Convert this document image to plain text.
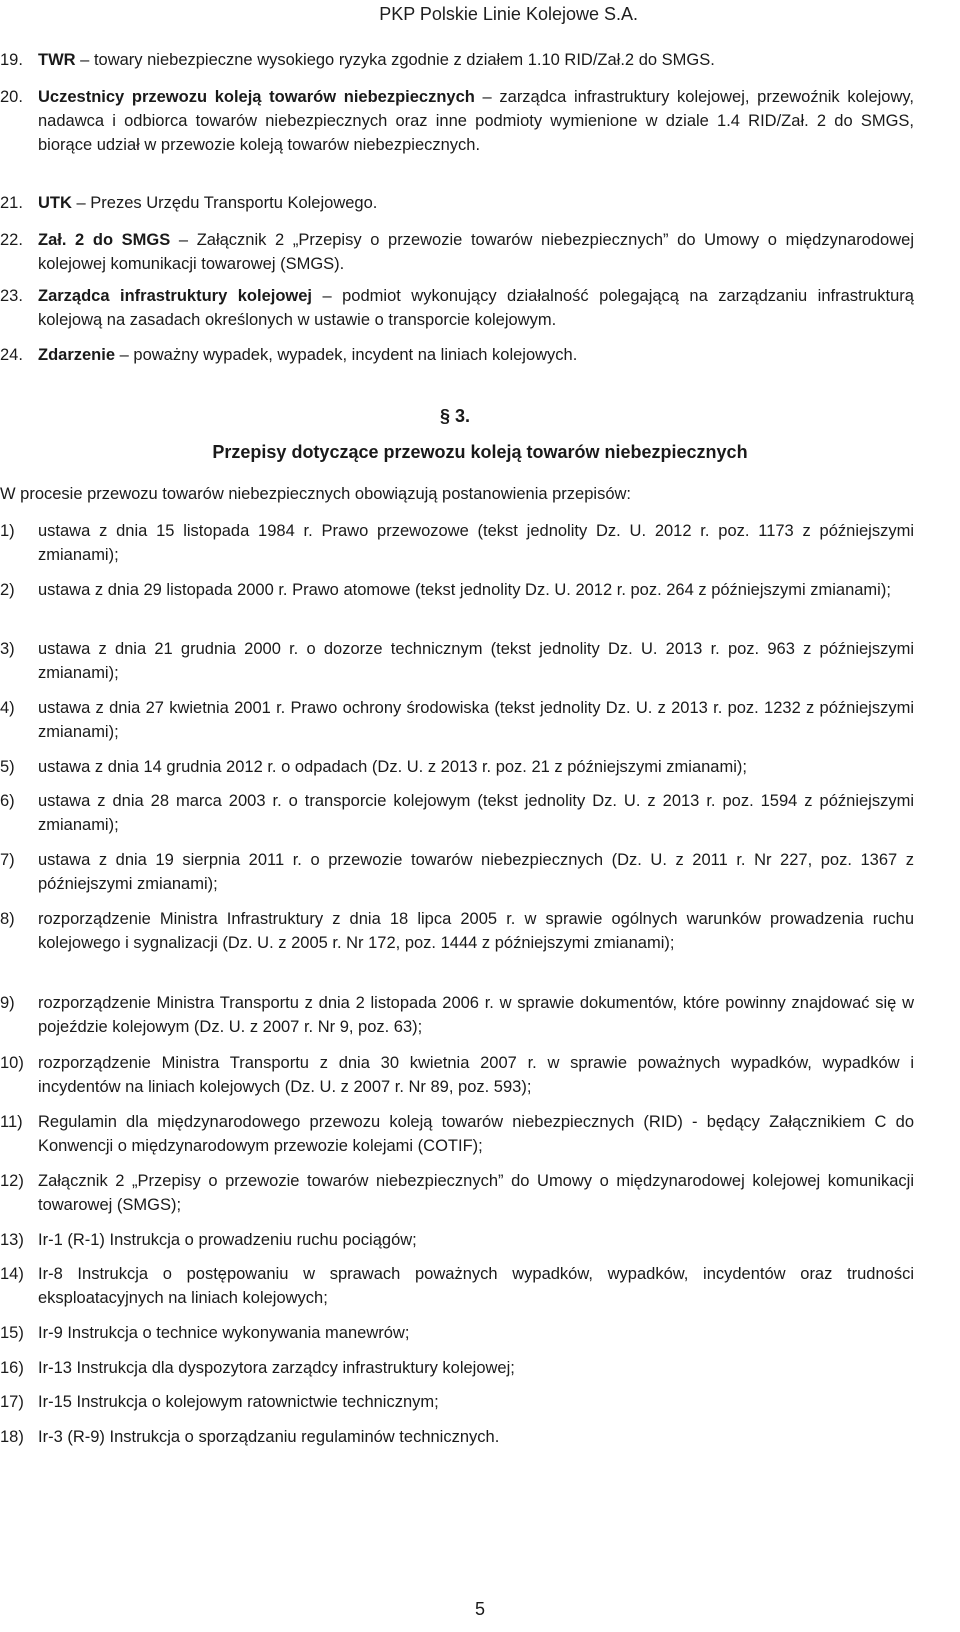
PKP Polskie Linie Kolejowe S.A.
19. TWR – towary niebezpieczne wysokiego ryzyka zgodnie z działem 1.10 RID/Zał.2 do SMGS.
20. Uczestnicy przewozu koleją towarów niebezpiecznych – zarządca infrastruktury kolejowej, przewoźnik kolejowy, nadawca i odbiorca towarów niebezpiecznych oraz inne podmioty wymienione w dziale 1.4 RID/Zał. 2 do SMGS, biorące udział w przewozie koleją towarów niebezpiecznych.
21. UTK – Prezes Urzędu Transportu Kolejowego.
22. Zał. 2 do SMGS – Załącznik 2 „Przepisy o przewozie towarów niebezpiecznych” do Umowy o międzynarodowej kolejowej komunikacji towarowej (SMGS).
23. Zarządca infrastruktury kolejowej – podmiot wykonujący działalność polegającą na zarządzaniu infrastrukturą kolejową na zasadach określonych w ustawie o transporcie kolejowym.
24. Zdarzenie – poważny wypadek, wypadek, incydent na liniach kolejowych.
§ 3.
Przepisy dotyczące przewozu koleją towarów niebezpiecznych
W procesie przewozu towarów niebezpiecznych obowiązują postanowienia przepisów:
1) ustawa z dnia 15 listopada 1984 r. Prawo przewozowe (tekst jednolity Dz. U. 2012 r. poz. 1173 z późniejszymi zmianami);
2) ustawa z dnia 29 listopada 2000 r. Prawo atomowe (tekst jednolity Dz. U. 2012 r. poz. 264 z późniejszymi zmianami);
3) ustawa z dnia 21 grudnia 2000 r. o dozorze technicznym (tekst jednolity Dz. U. 2013 r. poz. 963 z późniejszymi zmianami);
4) ustawa z dnia 27 kwietnia 2001 r. Prawo ochrony środowiska (tekst jednolity Dz. U. z 2013 r. poz. 1232 z późniejszymi zmianami);
5) ustawa z dnia 14 grudnia 2012 r. o odpadach (Dz. U. z 2013 r. poz. 21 z późniejszymi zmianami);
6) ustawa z dnia 28 marca 2003 r. o transporcie kolejowym (tekst jednolity Dz. U. z 2013 r. poz. 1594 z późniejszymi zmianami);
7) ustawa z dnia 19 sierpnia 2011 r. o przewozie towarów niebezpiecznych (Dz. U. z 2011 r. Nr 227, poz. 1367 z późniejszymi zmianami);
8) rozporządzenie Ministra Infrastruktury z dnia 18 lipca 2005 r. w sprawie ogólnych warunków prowadzenia ruchu kolejowego i sygnalizacji (Dz. U. z 2005 r. Nr 172, poz. 1444 z późniejszymi zmianami);
9) rozporządzenie Ministra Transportu z dnia 2 listopada 2006 r. w sprawie dokumentów, które powinny znajdować się w pojeździe kolejowym (Dz. U. z 2007 r. Nr 9, poz. 63);
10) rozporządzenie Ministra Transportu z dnia 30 kwietnia 2007 r. w sprawie poważnych wypadków, wypadków i incydentów na liniach kolejowych (Dz. U. z 2007 r. Nr 89, poz. 593);
11) Regulamin dla międzynarodowego przewozu koleją towarów niebezpiecznych (RID) - będący Załącznikiem C do Konwencji o międzynarodowym przewozie kolejami (COTIF);
12) Załącznik 2 „Przepisy o przewozie towarów niebezpiecznych” do Umowy o międzynarodowej kolejowej komunikacji towarowej (SMGS);
13) Ir-1 (R-1) Instrukcja o prowadzeniu ruchu pociągów;
14) Ir-8 Instrukcja o postępowaniu w sprawach poważnych wypadków, wypadków, incydentów oraz trudności eksploatacyjnych na liniach kolejowych;
15) Ir-9 Instrukcja o technice wykonywania manewrów;
16) Ir-13 Instrukcja dla dyspozytora zarządcy infrastruktury kolejowej;
17) Ir-15 Instrukcja o kolejowym ratownictwie technicznym;
18) Ir-3 (R-9) Instrukcja o sporządzaniu regulaminów technicznych.
5
